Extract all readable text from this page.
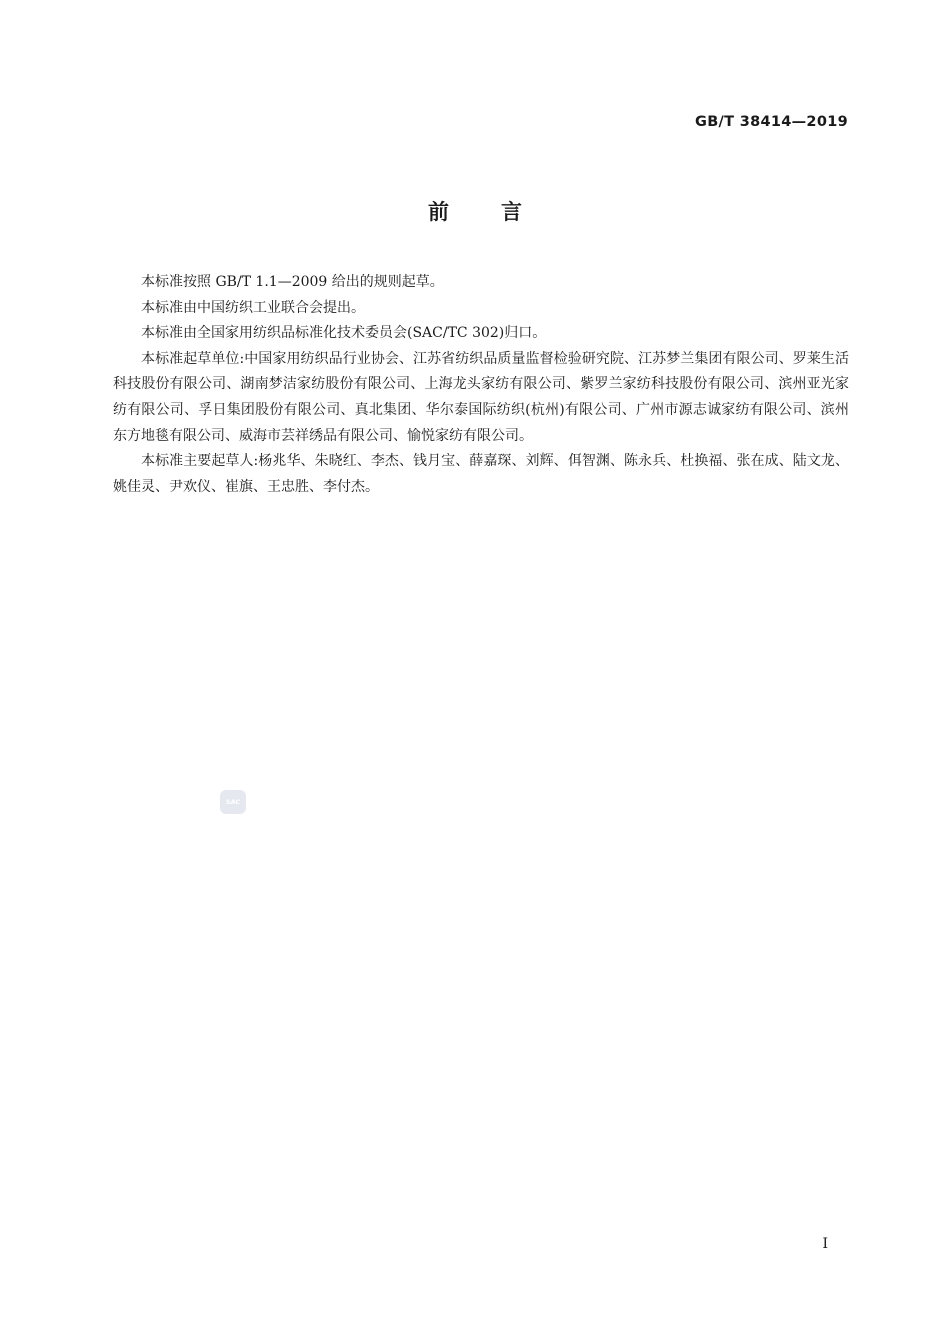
GB/T 38414—2019
前言

本标准按照 GB/T 1.1—2009 给出的规则起草。

本标准由中国纺织工业联合会提出。

本标准由全国家用纺织品标准化技术委员会(SAC/TC 302)归口。

本标准起草单位:中国家用纺织品行业协会、江苏省纺织品质量监督检验研究院、江苏梦兰集团有限公司、罗莱生活科技股份有限公司、湖南梦洁家纺股份有限公司、上海龙头家纺有限公司、紫罗兰家纺科技股份有限公司、滨州亚光家纺有限公司、孚日集团股份有限公司、真北集团、华尔泰国际纺织(杭州)有限公司、广州市源志诚家纺有限公司、滨州东方地毯有限公司、威海市芸祥绣品有限公司、愉悦家纺有限公司。

本标准主要起草人:杨兆华、朱晓红、李杰、钱月宝、薛嘉琛、刘辉、佴智渊、陈永兵、杜换福、张在成、陆文龙、姚佳灵、尹欢仪、崔旗、王忠胜、李付杰。

SAC
I
